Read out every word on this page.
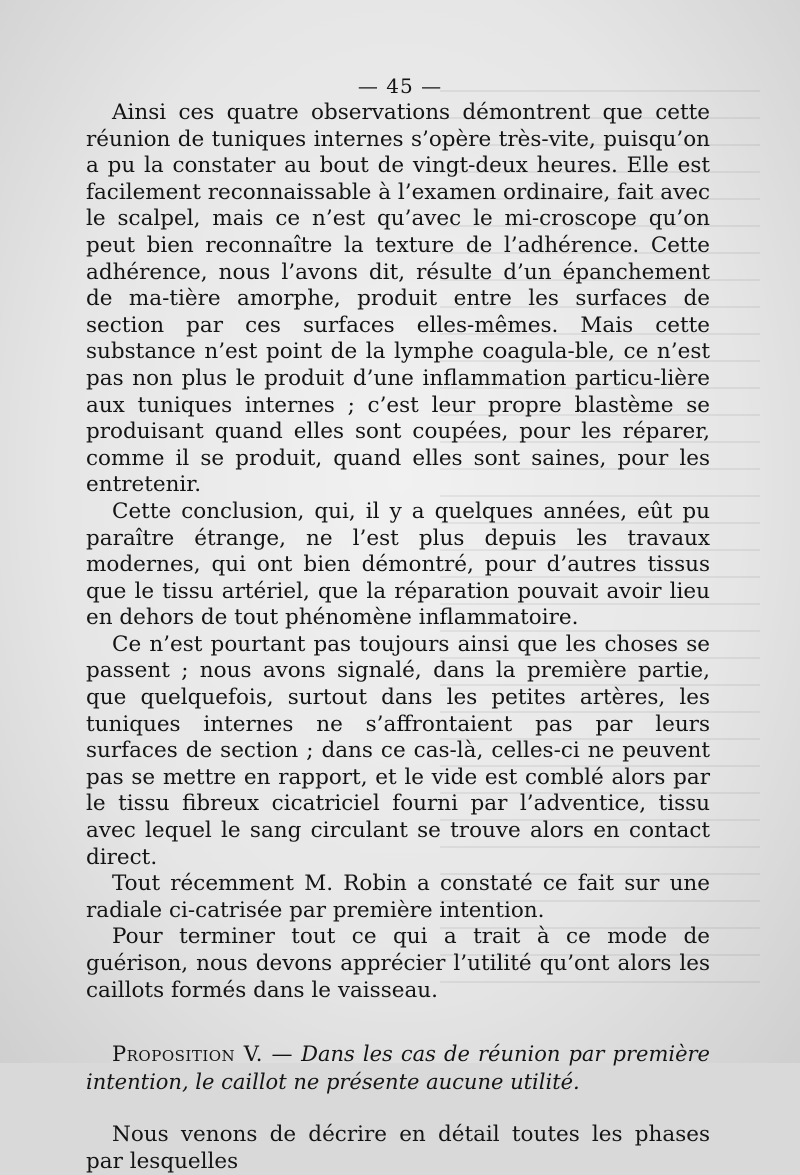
— 45 —

Ainsi ces quatre observations démontrent que cette réunion de tuniques internes s’opère très-vite, puisqu’on a pu la constater au bout de vingt-deux heures. Elle est facilement reconnaissable à l’examen ordinaire, fait avec le scalpel, mais ce n’est qu’avec le mi-croscope qu’on peut bien reconnaître la texture de l’adhérence. Cette adhérence, nous l’avons dit, résulte d’un épanchement de ma-tière amorphe, produit entre les surfaces de section par ces surfaces elles-mêmes. Mais cette substance n’est point de la lymphe coagula-ble, ce n’est pas non plus le produit d’une inflammation particu-lière aux tuniques internes ; c’est leur propre blastème se produisant quand elles sont coupées, pour les réparer, comme il se produit, quand elles sont saines, pour les entretenir.

Cette conclusion, qui, il y a quelques années, eût pu paraître étrange, ne l’est plus depuis les travaux modernes, qui ont bien démontré, pour d’autres tissus que le tissu artériel, que la réparation pouvait avoir lieu en dehors de tout phénomène inflammatoire.

Ce n’est pourtant pas toujours ainsi que les choses se passent ; nous avons signalé, dans la première partie, que quelquefois, surtout dans les petites artères, les tuniques internes ne s’affrontaient pas par leurs surfaces de section ; dans ce cas-là, celles-ci ne peuvent pas se mettre en rapport, et le vide est comblé alors par le tissu fibreux cicatriciel fourni par l’adventice, tissu avec lequel le sang circulant se trouve alors en contact direct.

Tout récemment M. Robin a constaté ce fait sur une radiale ci-catrisée par première intention.

Pour terminer tout ce qui a trait à ce mode de guérison, nous devons apprécier l’utilité qu’ont alors les caillots formés dans le vaisseau.

Proposition V. — Dans les cas de réunion par première intention, le caillot ne présente aucune utilité.

Nous venons de décrire en détail toutes les phases par lesquelles
